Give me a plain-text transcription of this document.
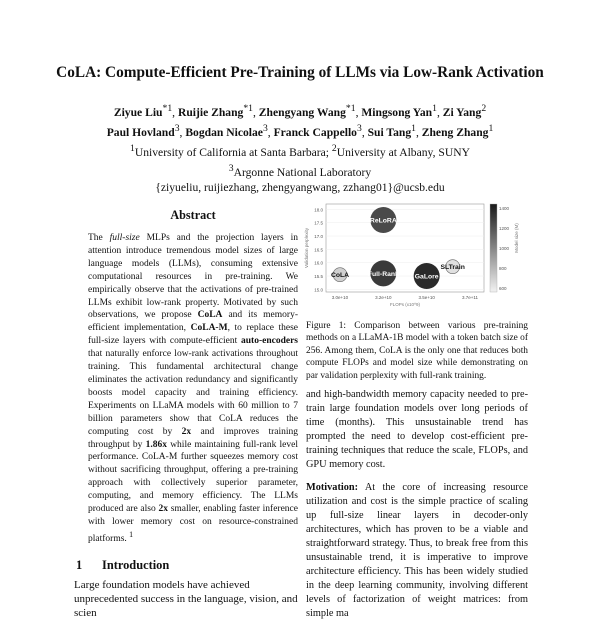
CoLA: Compute-Efficient Pre-Training of LLMs via Low-Rank Activation
Ziyue Liu$^{*1}$, Ruijie Zhang$^{*1}$, Zhengyang Wang$^{*1}$, Mingsong Yan$^1$, Zi Yang$^2$
Paul Hovland$^3$, Bogdan Nicolae$^3$, Franck Cappello$^3$, Sui Tang$^1$, Zheng Zhang$^1$
$^1$University of California at Santa Barbara; $^2$University at Albany, SUNY
$^3$Argonne National Laboratory
{ziyueliu, ruijiezhang, zhengyangwang, zzhang01}@ucsb.edu
Abstract

The full-size MLPs and the projection layers in attention introduce tremendous model sizes of large language models (LLMs), consuming extensive computational resources in pre-training. We empirically observe that the activations of pre-trained LLMs exhibit low-rank property. Motivated by such observations, we propose CoLA and its memory-efficient implementation, CoLA-M, to replace these full-size layers with compute-efficient auto-encoders that naturally enforce low-rank activations throughout training. This fundamental architectural change eliminates the activation redundancy and significantly boosts model capacity and training efficiency. Experiments on LLaMA models with 60 million to 7 billion parameters show that CoLA reduces the computing cost by 2x and improves training throughput by 1.86x while maintaining full-rank level performance. CoLA-M further squeezes memory cost without sacrificing throughput, offering a pre-training approach with collectively superior parameter, computing, and memory efficiency. The LLMs produced are also 2x smaller, enabling faster inference with lower memory cost on resource-constrained platforms. $^1$

1 Introduction
Large foundation models have achieved unprecedented success in the language, vision, and scien
18.0
17.5
17.0
16.5
16.0
15.5
15.0
3.0e+10	3.2e+10	3.5e+10	3.7e+11
FLOPs (x10^9)
Validation perplexity
ReLoRA
CoLA	Full-Rank GaLore
SLTrain
1400
1200
1000
800
600
Model size (M)
Figure 1: Comparison between various pre-training methods on a LLaMA-1B model with a token batch size of 256. Among them, CoLA is the only one that reduces both compute FLOPs and model size while demonstrating on par validation perplexity with full-rank training.

and high-bandwidth memory capacity needed to pre-train large foundation models over long periods of time (months). This unsustainable trend has prompted the need to develop cost-efficient pre-training techniques that reduce the scale, FLOPs, and GPU memory cost.

Motivation: At the core of increasing resource utilization and cost is the simple practice of scaling up full-size linear layers in decoder-only architectures, which has proven to be a viable and straightforward strategy. Thus, to break free from this unsustainable trend, it is imperative to improve architecture efficiency. This has been widely studied in the deep learning community, involving different levels of factorization of weight matrices: from simple ma
